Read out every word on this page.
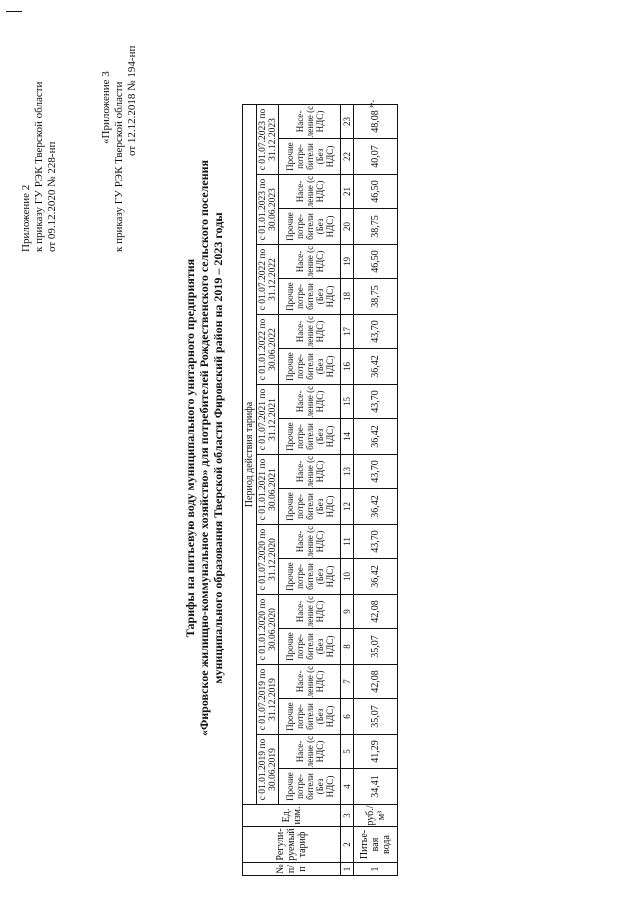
Приложение 2 к приказу ГУ РЭК Тверской области от 09.12.2020 № 228-нп
«Приложение 3 к приказу ГУ РЭК Тверской области от 12.12.2018 № 194-нп
Тарифы на питьевую воду муниципального унитарного предприятия «Фировское жилищно-коммунальное хозяйство» для потребителей Рождественского сельского поселения муниципального образования Тверской области Фировский район на 2019 – 2023 годы
№ п/п	Регули-руемый тариф	Ед. изм.	Период действия тарифа																			
			с 01.01.2019 по 30.06.2019		с 01.07.2019 по 31.12.2019		с 01.01.2020 по 30.06.2020		с 01.07.2020 по 31.12.2020		с 01.01.2021 по 30.06.2021		с 01.07.2021 по 31.12.2021		с 01.01.2022 по 30.06.2022		с 01.07.2022 по 31.12.2022		с 01.01.2023 по 30.06.2023		с 01.07.2023 по 31.12.2023	
			Прочие потре-бители (Без НДС)	Насе-ление (с НДС)	Прочие потре-бители (Без НДС)	Насе-ление (с НДС)	Прочие потре-бители (Без НДС)	Насе-ление (с НДС)	Прочие потре-бители (Без НДС)	Насе-ление (с НДС)	Прочие потре-бители (Без НДС)	Насе-ление (с НДС)	Прочие потре-бители (Без НДС)	Насе-ление (с НДС)	Прочие потре-бители (Без НДС)	Насе-ление (с НДС)	Прочие потре-бители (Без НДС)	Насе-ление (с НДС)	Прочие потре-бители (Без НДС)	Насе-ление (с НДС)	Прочие потре-бители (Без НДС)	Насе-ление (с НДС)
1	2	3	4	5	6	7	8	9	10	11	12	13	14	15	16	17	18	19	20	21	22	23
1	Питье-вая вода	руб./м³	34,41	41,29	35,07	42,08	35,07	42,08	36,42	43,70	36,42	43,70	36,42	43,70	36,42	43,70	38,75	46,50	38,75	46,50	40,07	48,08
».
